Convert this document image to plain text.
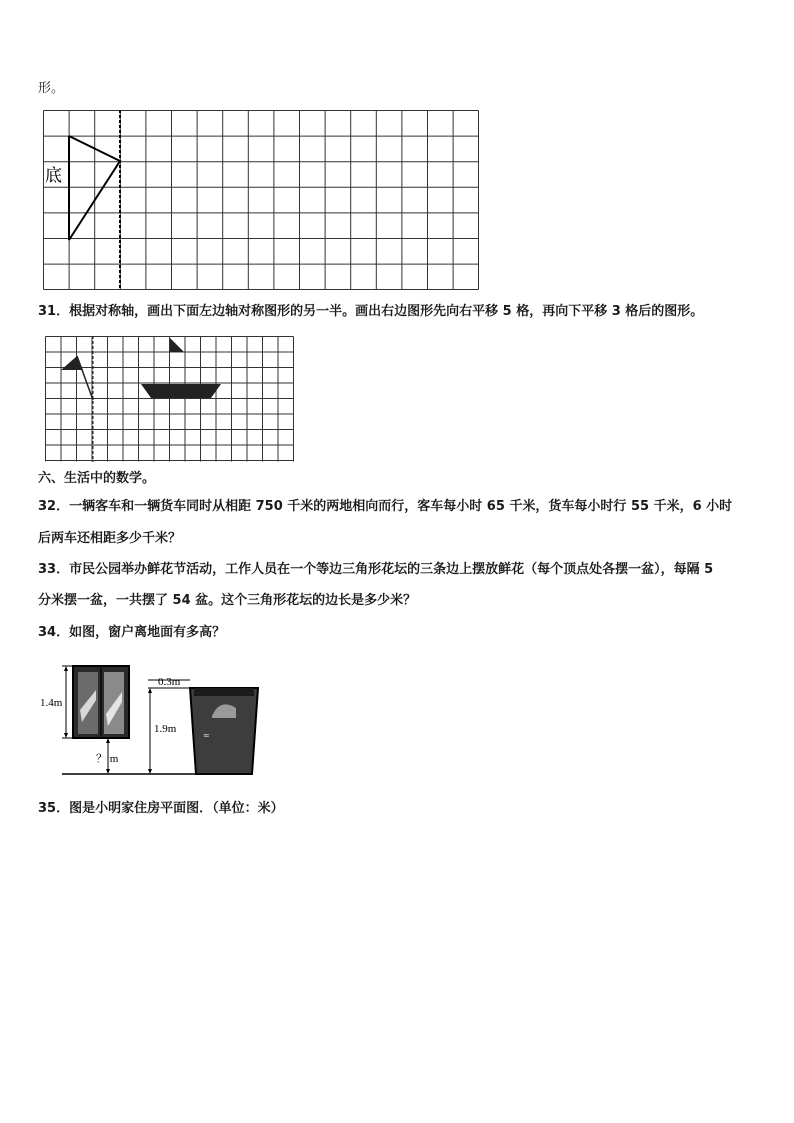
形。
底
31．根据对称轴，画出下面左边轴对称图形的另一半。画出右边图形先向右平移 5 格，再向下平移 3 格后的图形。
六、生活中的数学。
32．一辆客车和一辆货车同时从相距 750 千米的两地相向而行，客车每小时 65 千米，货车每小时行 55 千米，6 小时
后两车还相距多少千米？
33．市民公园举办鲜花节活动，工作人员在一个等边三角形花坛的三条边上摆放鲜花（每个顶点处各摆一盆），每隔 5
分米摆一盆，一共摆了 54 盆。这个三角形花坛的边长是多少米？
34．如图，窗户离地面有多高？
1.4m
？ m
≈
0.3m
1.9m
35．图是小明家住房平面图．（单位：米）
